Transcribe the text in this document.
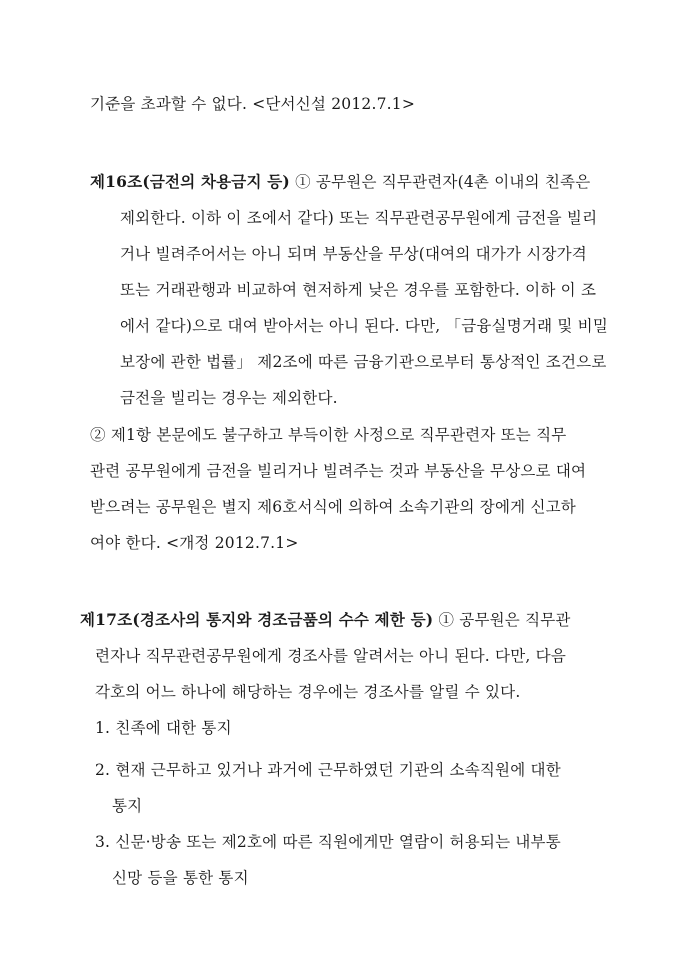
기준을 초과할 수 없다. <단서신설 2012.7.1>
제16조(금전의 차용금지 등) ① 공무원은 직무관련자(4촌 이내의 친족은
제외한다. 이하 이 조에서 같다) 또는 직무관련공무원에게 금전을 빌리
거나 빌려주어서는 아니 되며 부동산을 무상(대여의 대가가 시장가격
또는 거래관행과 비교하여 현저하게 낮은 경우를 포함한다. 이하 이 조
에서 같다)으로 대여 받아서는 아니 된다. 다만, 「금융실명거래 및 비밀
보장에 관한 법률」 제2조에 따른 금융기관으로부터 통상적인 조건으로
금전을 빌리는 경우는 제외한다.
② 제1항 본문에도 불구하고 부득이한 사정으로 직무관련자 또는 직무
관련 공무원에게 금전을 빌리거나 빌려주는 것과 부동산을 무상으로 대여
받으려는 공무원은 별지 제6호서식에 의하여 소속기관의 장에게 신고하
여야 한다. <개정 2012.7.1>
제17조(경조사의 통지와 경조금품의 수수 제한 등) ① 공무원은 직무관
련자나 직무관련공무원에게 경조사를 알려서는 아니 된다. 다만, 다음
각호의 어느 하나에 해당하는 경우에는 경조사를 알릴 수 있다.
1. 친족에 대한 통지
2. 현재 근무하고 있거나 과거에 근무하였던 기관의 소속직원에 대한
통지
3. 신문·방송 또는 제2호에 따른 직원에게만 열람이 허용되는 내부통
신망 등을 통한 통지
